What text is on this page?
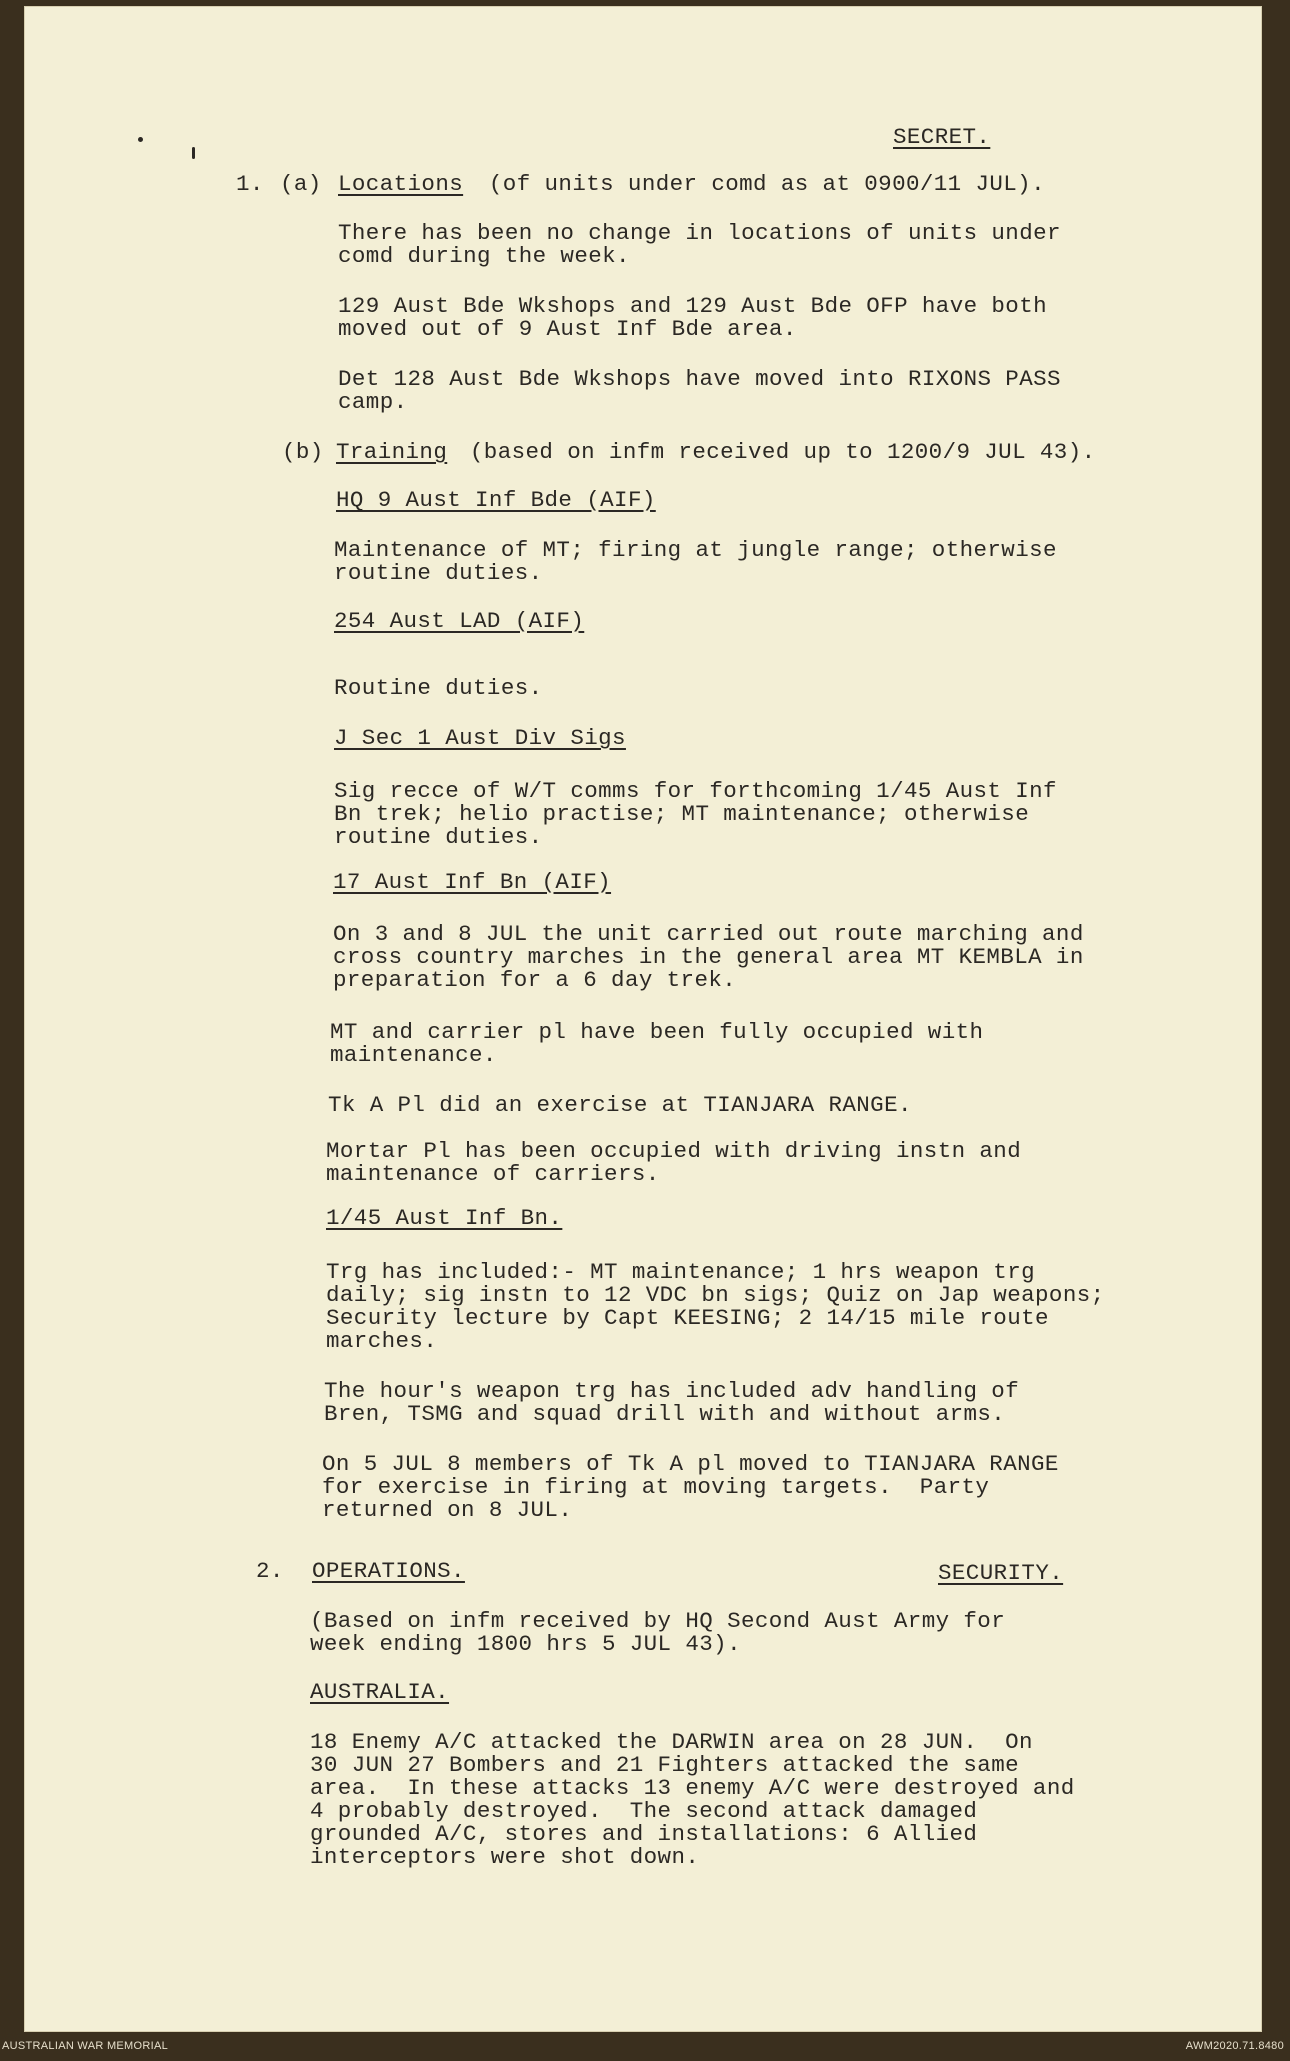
SECRET.
1. (a) Locations (of units under comd as at 0900/11 JUL).
There has been no change in locations of units under
comd during the week.
129 Aust Bde Wkshops and 129 Aust Bde OFP have both
moved out of 9 Aust Inf Bde area.
Det 128 Aust Bde Wkshops have moved into RIXONS PASS
camp.
(b) Training (based on infm received up to 1200/9 JUL 43).
HQ 9 Aust Inf Bde (AIF)
Maintenance of MT; firing at jungle range; otherwise
routine duties.
254 Aust LAD (AIF)
Routine duties.
J Sec 1 Aust Div Sigs
Sig recce of W/T comms for forthcoming 1/45 Aust Inf
Bn trek; helio practise; MT maintenance; otherwise
routine duties.
17 Aust Inf Bn (AIF)
On 3 and 8 JUL the unit carried out route marching and
cross country marches in the general area MT KEMBLA in
preparation for a 6 day trek.
MT and carrier pl have been fully occupied with
maintenance.
Tk A Pl did an exercise at TIANJARA RANGE.
Mortar Pl has been occupied with driving instn and
maintenance of carriers.
1/45 Aust Inf Bn.
Trg has included:- MT maintenance; 1 hrs weapon trg
daily; sig instn to 12 VDC bn sigs; Quiz on Jap weapons;
Security lecture by Capt KEESING; 2 14/15 mile route
marches.
The hour's weapon trg has included adv handling of
Bren, TSMG and squad drill with and without arms.
On 5 JUL 8 members of Tk A pl moved to TIANJARA RANGE
for exercise in firing at moving targets.  Party
returned on 8 JUL.
2. OPERATIONS.	SECURITY.
(Based on infm received by HQ Second Aust Army for
week ending 1800 hrs 5 JUL 43).
AUSTRALIA.
18 Enemy A/C attacked the DARWIN area on 28 JUN.  On
30 JUN 27 Bombers and 21 Fighters attacked the same
area.  In these attacks 13 enemy A/C were destroyed and
4 probably destroyed.  The second attack damaged
grounded A/C, stores and installations: 6 Allied
interceptors were shot down.
AUSTRALIAN WAR MEMORIAL	AWM2020.71.8480
